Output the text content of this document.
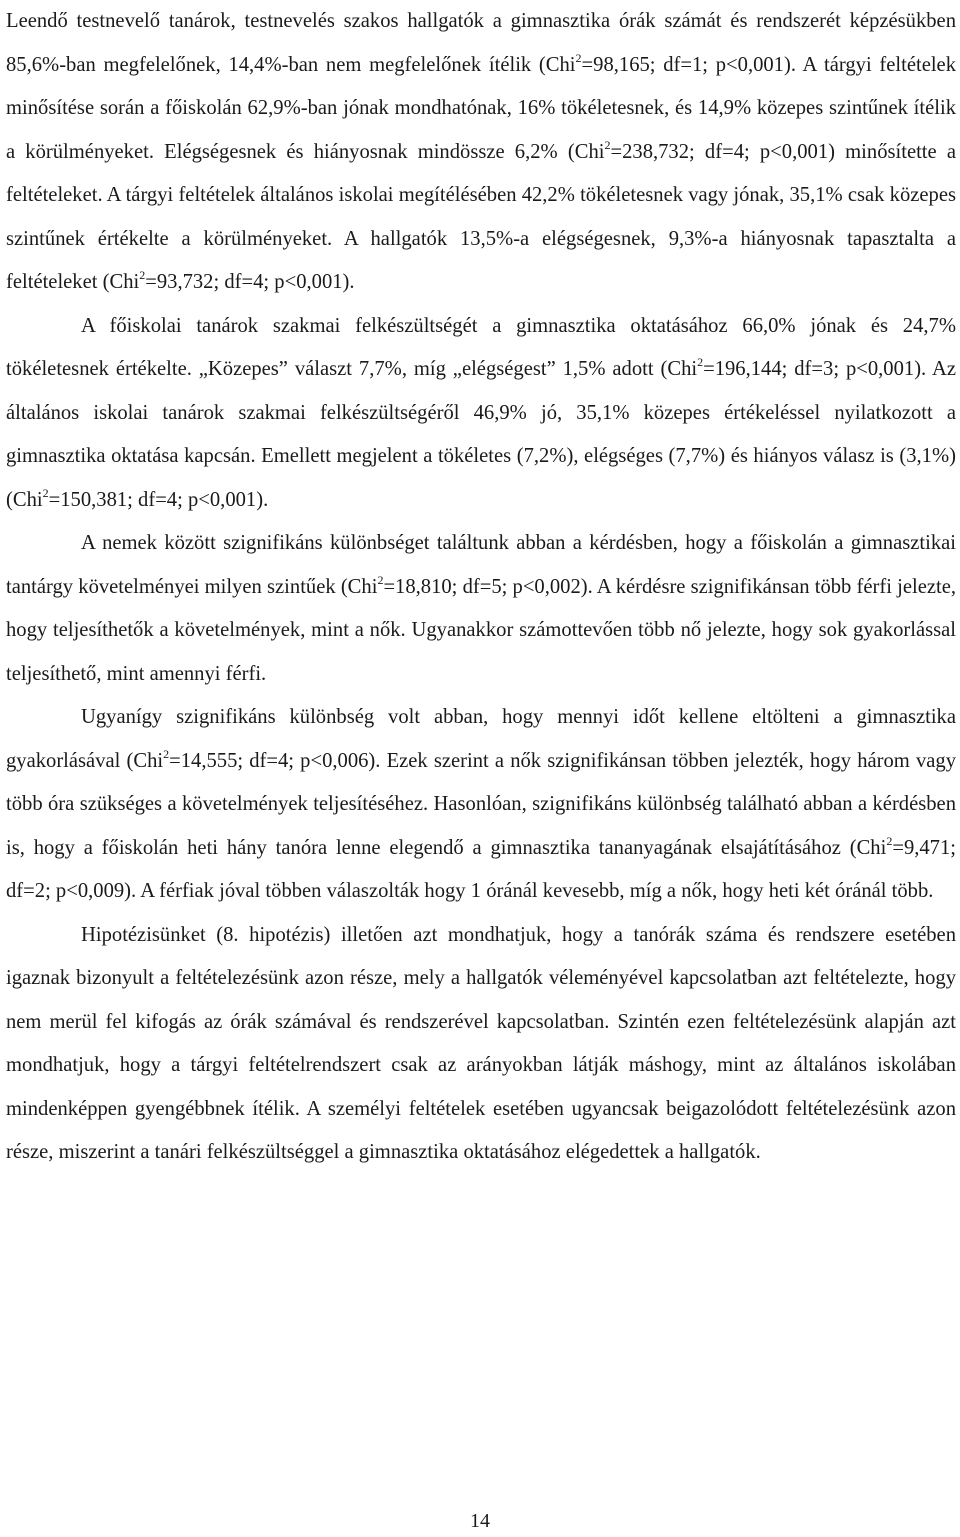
Leendő testnevelő tanárok, testnevelés szakos hallgatók a gimnasztika órák számát és rendszerét képzésükben 85,6%-ban megfelelőnek, 14,4%-ban nem megfelelőnek ítélik (Chi$^2$=98,165; df=1; p<0,001). A tárgyi feltételek minősítése során a főiskolán 62,9%-ban jónak mondhatónak, 16% tökéletesnek, és 14,9% közepes szintűnek ítélik a körülményeket. Elégségesnek és hiányosnak mindössze 6,2% (Chi$^2$=238,732; df=4; p<0,001) minősítette a feltételeket. A tárgyi feltételek általános iskolai megítélésében 42,2% tökéletesnek vagy jónak, 35,1% csak közepes szintűnek értékelte a körülményeket. A hallgatók 13,5%-a elégségesnek, 9,3%-a hiányosnak tapasztalta a feltételeket (Chi$^2$=93,732; df=4; p<0,001).

A főiskolai tanárok szakmai felkészültségét a gimnasztika oktatásához 66,0% jónak és 24,7% tökéletesnek értékelte. „Közepes” választ 7,7%, míg „elégségest” 1,5% adott (Chi$^2$=196,144; df=3; p<0,001). Az általános iskolai tanárok szakmai felkészültségéről 46,9% jó, 35,1% közepes értékeléssel nyilatkozott a gimnasztika oktatása kapcsán. Emellett megjelent a tökéletes (7,2%), elégséges (7,7%) és hiányos válasz is (3,1%) (Chi$^2$=150,381; df=4; p<0,001).

A nemek között szignifikáns különbséget találtunk abban a kérdésben, hogy a főiskolán a gimnasztikai tantárgy követelményei milyen szintűek (Chi$^2$=18,810; df=5; p<0,002). A kérdésre szignifikánsan több férfi jelezte, hogy teljesíthetők a követelmények, mint a nők. Ugyanakkor számottevően több nő jelezte, hogy sok gyakorlással teljesíthető, mint amennyi férfi.

Ugyanígy szignifikáns különbség volt abban, hogy mennyi időt kellene eltölteni a gimnasztika gyakorlásával (Chi$^2$=14,555; df=4; p<0,006). Ezek szerint a nők szignifikánsan többen jelezték, hogy három vagy több óra szükséges a követelmények teljesítéséhez. Hasonlóan, szignifikáns különbség található abban a kérdésben is, hogy a főiskolán heti hány tanóra lenne elegendő a gimnasztika tananyagának elsajátításához (Chi$^2$=9,471; df=2; p<0,009). A férfiak jóval többen válaszolták hogy 1 óránál kevesebb, míg a nők, hogy heti két óránál több.

Hipotézisünket (8. hipotézis) illetően azt mondhatjuk, hogy a tanórák száma és rendszere esetében igaznak bizonyult a feltételezésünk azon része, mely a hallgatók véleményével kapcsolatban azt feltételezte, hogy nem merül fel kifogás az órák számával és rendszerével kapcsolatban. Szintén ezen feltételezésünk alapján azt mondhatjuk, hogy a tárgyi feltételrendszert csak az arányokban látják máshogy, mint az általános iskolában mindenképpen gyengébbnek ítélik. A személyi feltételek esetében ugyancsak beigazolódott feltételezésünk azon része, miszerint a tanári felkészültséggel a gimnasztika oktatásához elégedettek a hallgatók.

14
